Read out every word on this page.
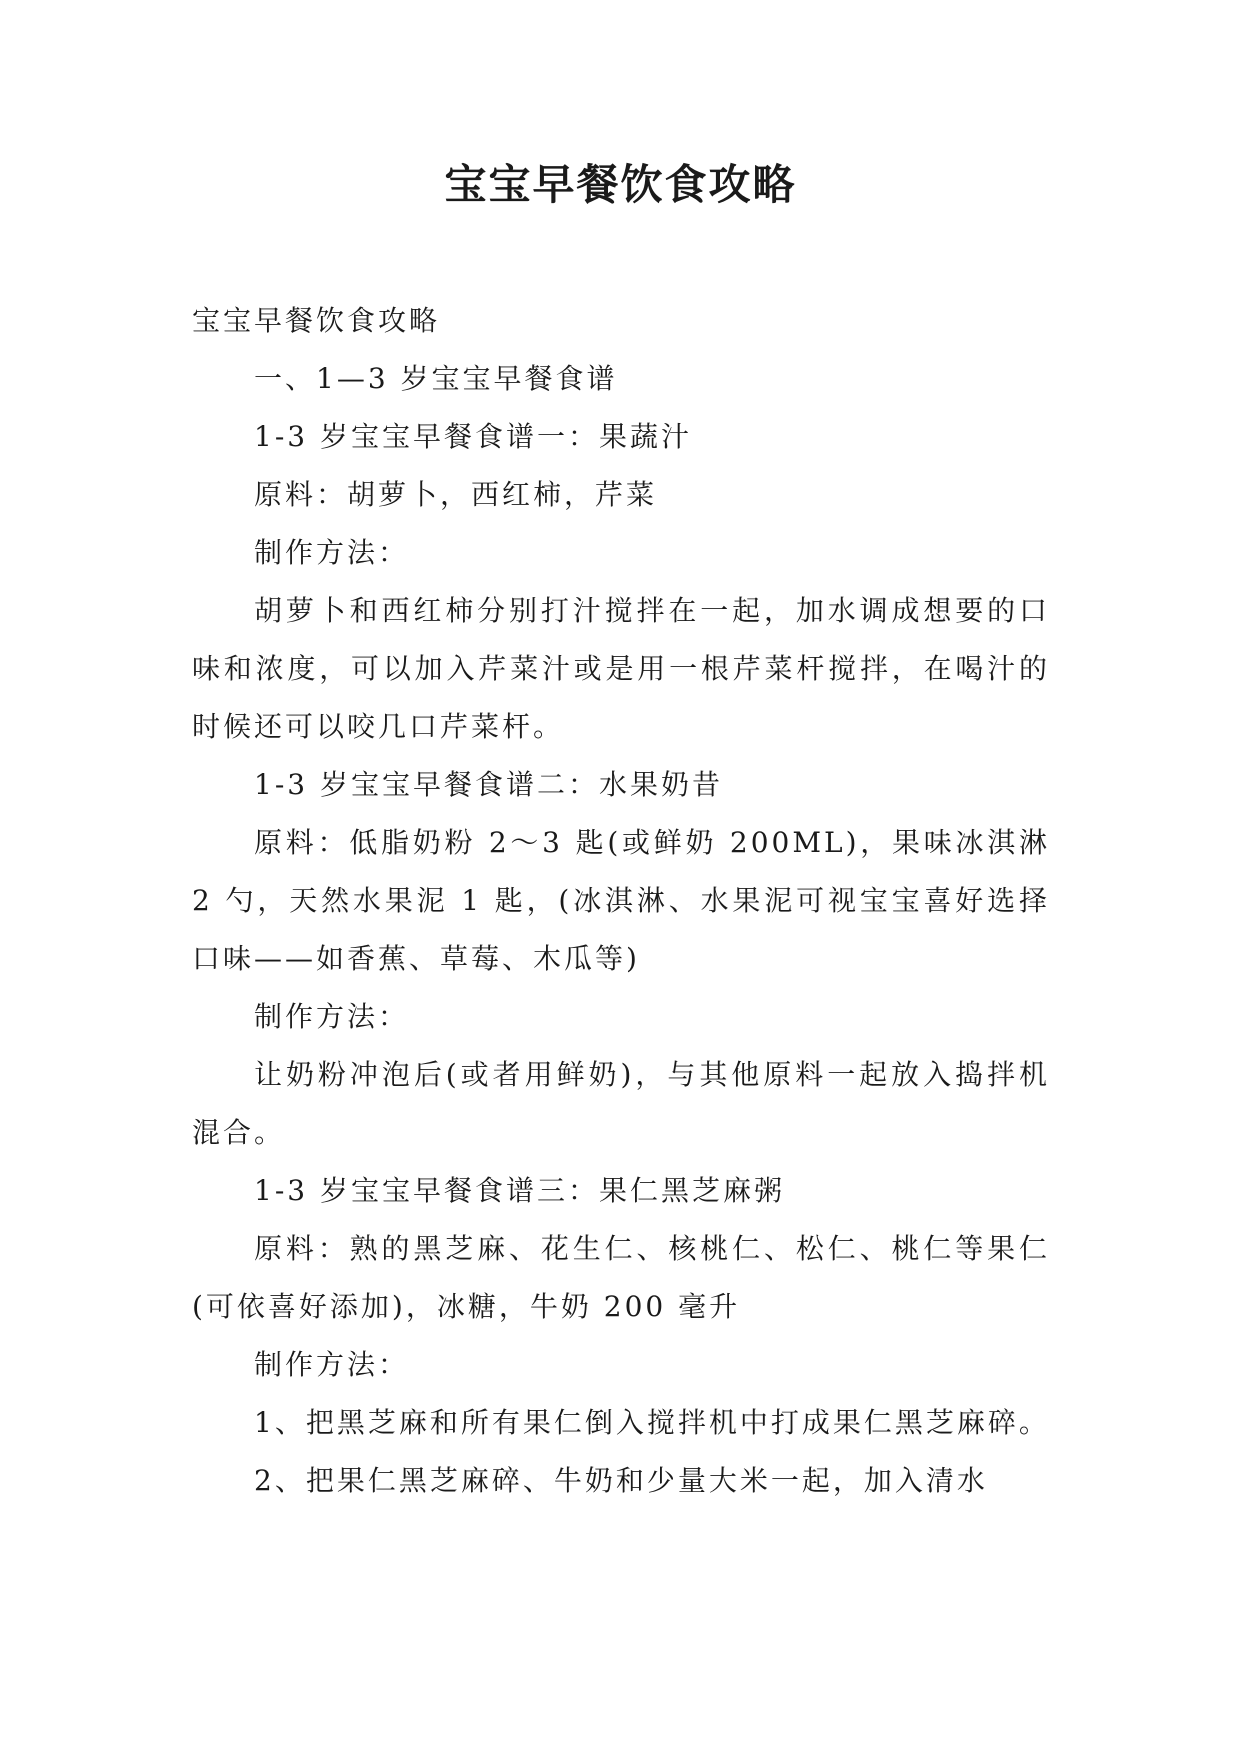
宝宝早餐饮食攻略

宝宝早餐饮食攻略

一、1—3 岁宝宝早餐食谱

1-3 岁宝宝早餐食谱一：果蔬汁

原料：胡萝卜，西红柿，芹菜

制作方法：

胡萝卜和西红柿分别打汁搅拌在一起，加水调成想要的口味和浓度，可以加入芹菜汁或是用一根芹菜杆搅拌，在喝汁的时候还可以咬几口芹菜杆。

1-3 岁宝宝早餐食谱二：水果奶昔

原料：低脂奶粉 2～3 匙(或鲜奶 200ML)，果味冰淇淋 2 勺，天然水果泥 1 匙，(冰淇淋、水果泥可视宝宝喜好选择口味——如香蕉、草莓、木瓜等)

制作方法：

让奶粉冲泡后(或者用鲜奶)，与其他原料一起放入捣拌机混合。

1-3 岁宝宝早餐食谱三：果仁黑芝麻粥

原料：熟的黑芝麻、花生仁、核桃仁、松仁、桃仁等果仁(可依喜好添加)，冰糖，牛奶 200 毫升

制作方法：

1、把黑芝麻和所有果仁倒入搅拌机中打成果仁黑芝麻碎。

2、把果仁黑芝麻碎、牛奶和少量大米一起，加入清水
